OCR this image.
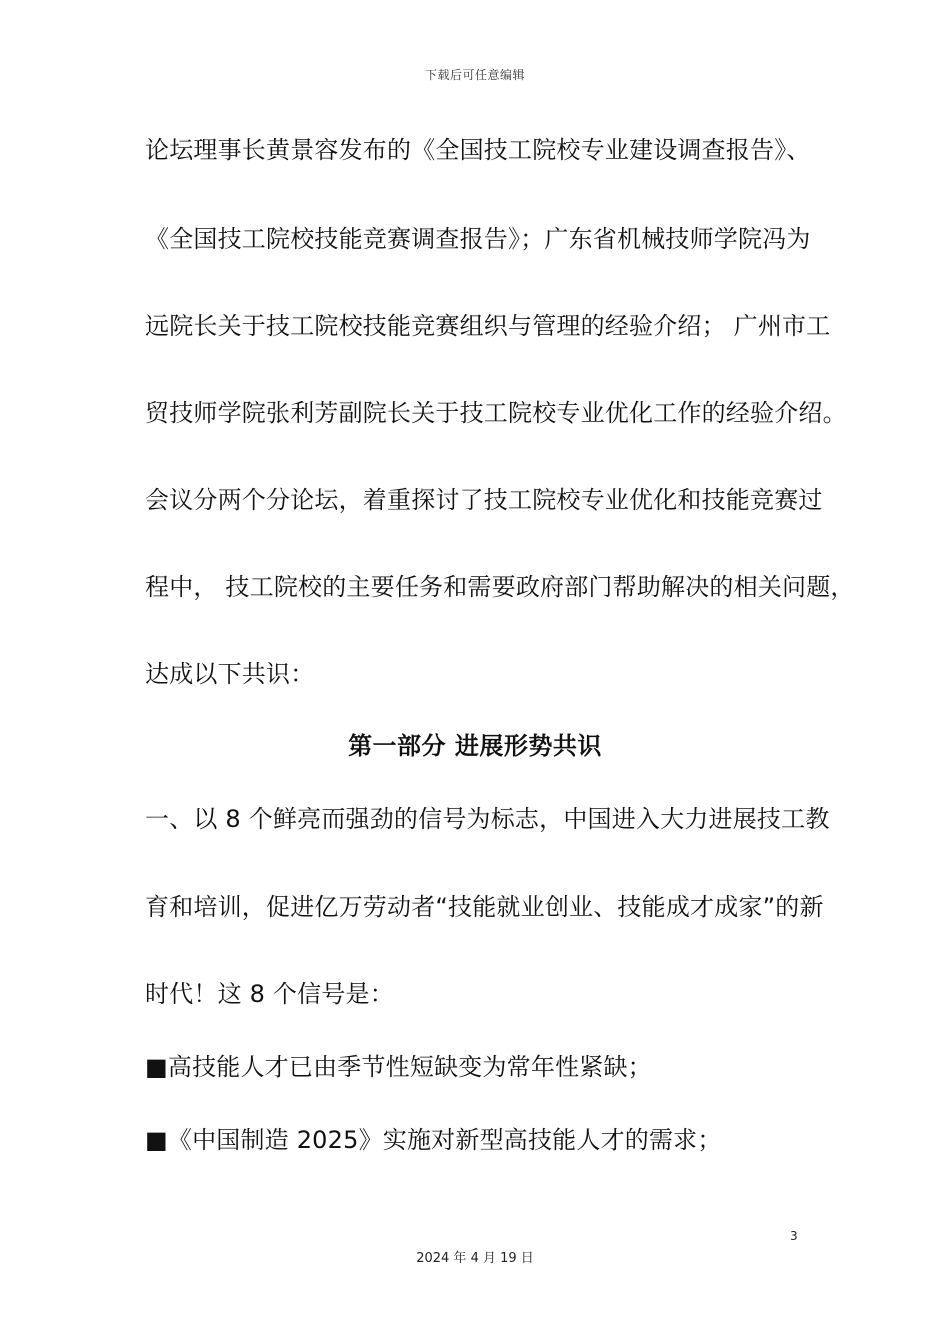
下载后可任意编辑
论坛理事长黄景容发布的《全国技工院校专业建设调查报告》、
《全国技工院校技能竞赛调查报告》；广东省机械技师学院冯为
远院长关于技工院校技能竞赛组织与管理的经验介绍； 广州市工
贸技师学院张利芳副院长关于技工院校专业优化工作的经验介绍。
会议分两个分论坛，着重探讨了技工院校专业优化和技能竞赛过
程中， 技工院校的主要任务和需要政府部门帮助解决的相关问题，
达成以下共识：
第一部分 进展形势共识
一、以 8 个鲜亮而强劲的信号为标志，中国进入大力进展技工教
育和培训，促进亿万劳动者“技能就业创业、技能成才成家”的新
时代！这 8 个信号是：
■高技能人才已由季节性短缺变为常年性紧缺；
■《中国制造 2025》实施对新型高技能人才的需求；
3
2024 年 4 月 19 日
